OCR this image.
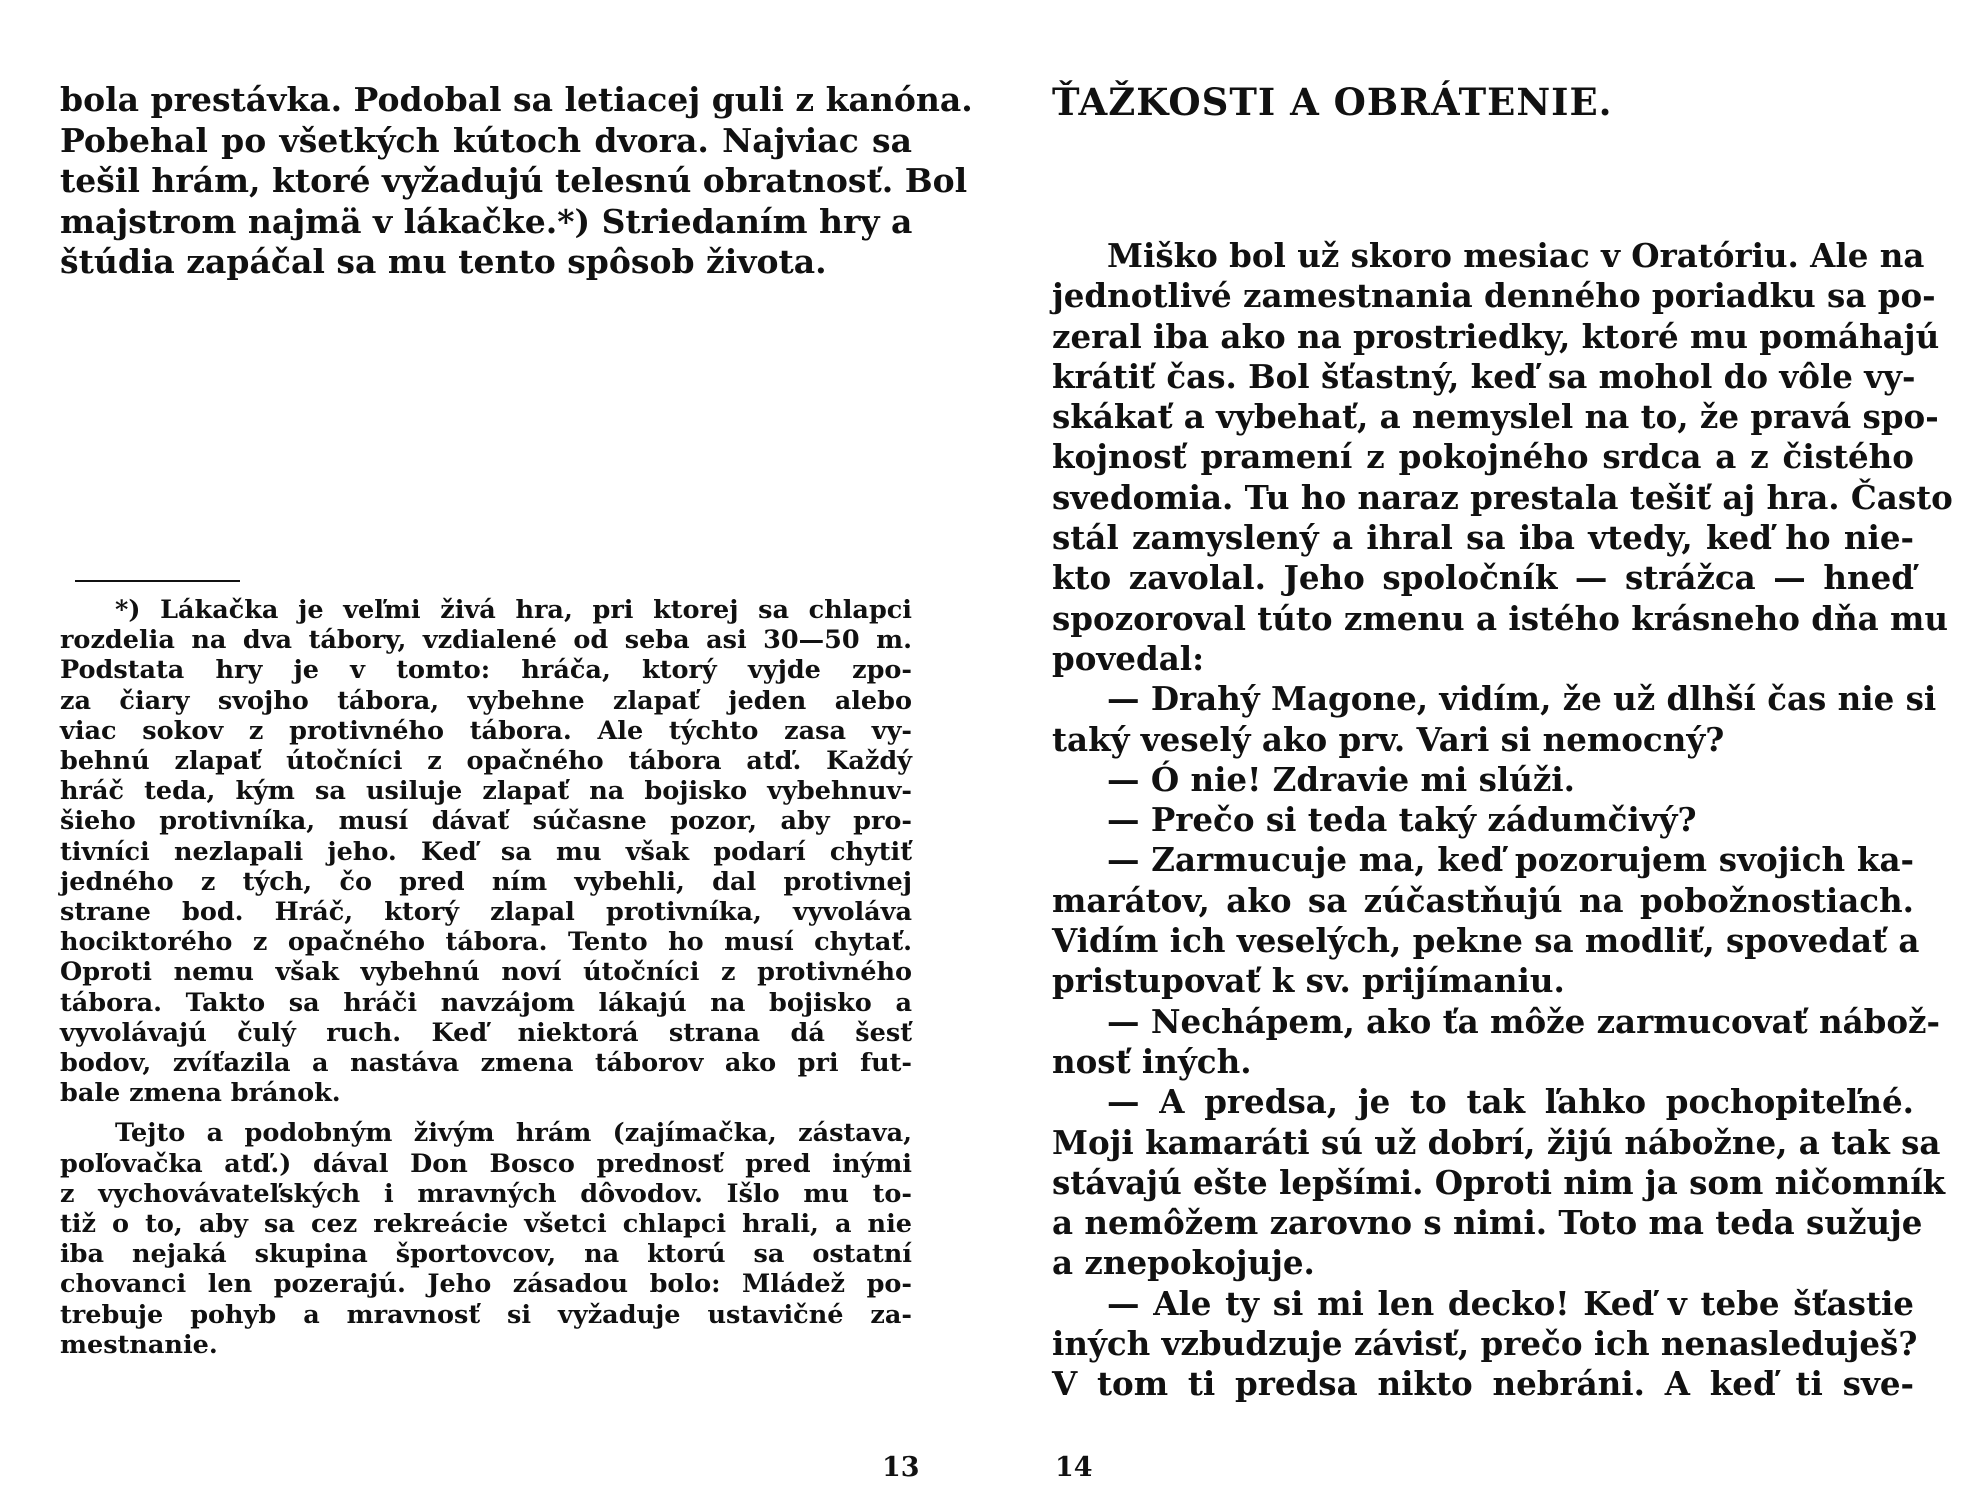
bola prestávka. Podobal sa letiacej guli z kanóna.
Pobehal po všetkých kútoch dvora. Najviac sa
tešil hrám, ktoré vyžadujú telesnú obratnosť. Bol
majstrom najmä v lákačke.*) Striedaním hry a
štúdia zapáčal sa mu tento spôsob života.
*) Lákačka je veľmi živá hra, pri ktorej sa chlapci
rozdelia na dva tábory, vzdialené od seba asi 30—50 m.
Podstata hry je v tomto: hráča, ktorý vyjde zpo-
za čiary svojho tábora, vybehne zlapať jeden alebo
viac sokov z protivného tábora. Ale týchto zasa vy-
behnú zlapať útočníci z opačného tábora atď. Každý
hráč teda, kým sa usiluje zlapať na bojisko vybehnuv-
šieho protivníka, musí dávať súčasne pozor, aby pro-
tivníci nezlapali jeho. Keď sa mu však podarí chytiť
jedného z tých, čo pred ním vybehli, dal protivnej
strane bod. Hráč, ktorý zlapal protivníka, vyvoláva
hociktorého z opačného tábora. Tento ho musí chytať.
Oproti nemu však vybehnú noví útočníci z protivného
tábora. Takto sa hráči navzájom lákajú na bojisko a
vyvolávajú čulý ruch. Keď niektorá strana dá šesť
bodov, zvíťazila a nastáva zmena táborov ako pri fut-
bale zmena bránok.
Tejto a podobným živým hrám (zajímačka, zástava,
poľovačka atď.) dával Don Bosco prednosť pred inými
z vychovávateľských i mravných dôvodov. Išlo mu to-
tiž o to, aby sa cez rekreácie všetci chlapci hrali, a nie
iba nejaká skupina športovcov, na ktorú sa ostatní
chovanci len pozerajú. Jeho zásadou bolo: Mládež po-
trebuje pohyb a mravnosť si vyžaduje ustavičné za-
mestnanie.
13
ŤAŽKOSTI A OBRÁTENIE.
Miško bol už skoro mesiac v Oratóriu. Ale na
jednotlivé zamestnania denného poriadku sa po-
zeral iba ako na prostriedky, ktoré mu pomáhajú
krátiť čas. Bol šťastný, keď sa mohol do vôle vy-
skákať a vybehať, a nemyslel na to, že pravá spo-
kojnosť pramení z pokojného srdca a z čistého
svedomia. Tu ho naraz prestala tešiť aj hra. Často
stál zamyslený a ihral sa iba vtedy, keď ho nie-
kto zavolal. Jeho spoločník — strážca — hneď
spozoroval túto zmenu a istého krásneho dňa mu
povedal:
— Drahý Magone, vidím, že už dlhší čas nie si
taký veselý ako prv. Vari si nemocný?
— Ó nie! Zdravie mi slúži.
— Prečo si teda taký zádumčivý?
— Zarmucuje ma, keď pozorujem svojich ka-
marátov, ako sa zúčastňujú na pobožnostiach.
Vidím ich veselých, pekne sa modliť, spovedať a
pristupovať k sv. prijímaniu.
— Nechápem, ako ťa môže zarmucovať nábož-
nosť iných.
— A predsa, je to tak ľahko pochopiteľné.
Moji kamaráti sú už dobrí, žijú nábožne, a tak sa
stávajú ešte lepšími. Oproti nim ja som ničomník
a nemôžem zarovno s nimi. Toto ma teda sužuje
a znepokojuje.
— Ale ty si mi len decko! Keď v tebe šťastie
iných vzbudzuje závisť, prečo ich nenasleduješ?
V tom ti predsa nikto nebráni. A keď ti sve-
14
